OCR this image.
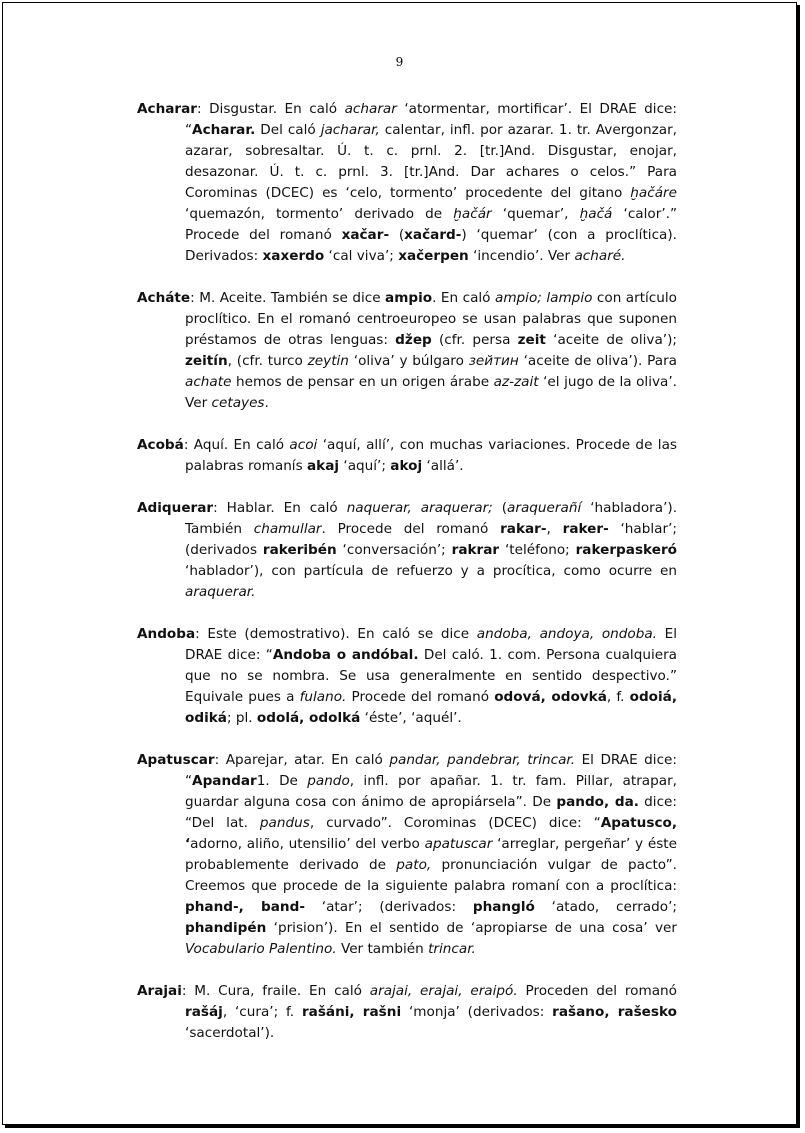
9

Acharar: Disgustar. En caló acharar ‘atormentar, mortificar’. El DRAE dice: “Acharar. Del caló jacharar, calentar, infl. por azarar. 1. tr. Avergonzar, azarar, sobresaltar. Ú. t. c. prnl. 2. [tr.]And. Disgustar, enojar, desazonar. Ú. t. c. prnl. 3. [tr.]And. Dar achares o celos.” Para Corominas (DCEC) es ‘celo, tormento’ procedente del gitano ḫačáre ‘quemazón, tormento’ derivado de ḫačár ‘quemar’, ḫačá ‘calor’.” Procede del romanó xačar- (xačard-) ‘quemar’ (con a proclítica). Derivados: xaxerdo ‘cal viva’; xačerpen ‘incendio’. Ver acharé.

Acháte: M. Aceite. También se dice ampio. En caló ampio; lampio con artículo proclítico. En el romanó centroeuropeo se usan palabras que suponen préstamos de otras lenguas: džep (cfr. persa zeit ‘aceite de oliva’); zeitín, (cfr. turco zeytin ‘oliva’ y búlgaro зейтин ‘aceite de oliva’). Para achate hemos de pensar en un origen árabe az-zait ‘el jugo de la oliva’. Ver cetayes.

Acobá: Aquí. En caló acoi ‘aquí, allí’, con muchas variaciones. Procede de las palabras romanís akaj ‘aquí’; akoj ‘allá’.

Adiquerar: Hablar. En caló naquerar, araquerar; (araquerañí ‘habladora’). También chamullar. Procede del romanó rakar-, raker- ‘hablar’; (derivados rakeribén ‘conversación’; rakrar ‘teléfono; rakerpaskeró ‘hablador’), con partícula de refuerzo y a procítica, como ocurre en araquerar.

Andoba: Este (demostrativo). En caló se dice andoba, andoya, ondoba. El DRAE dice: “Andoba o andóbal. Del caló. 1. com. Persona cualquiera que no se nombra. Se usa generalmente en sentido despectivo.” Equivale pues a fulano. Procede del romanó odová, odovká, f. odoiá, odiká; pl. odolá, odolká ‘éste’, ‘aquél’.

Apatuscar: Aparejar, atar. En caló pandar, pandebrar, trincar. El DRAE dice: “Apandar1. De pando, infl. por apañar. 1. tr. fam. Pillar, atrapar, guardar alguna cosa con ánimo de apropiársela”. De pando, da. dice: “Del lat. pandus, curvado”. Corominas (DCEC) dice: “Apatusco, ‘adorno, aliño, utensilio’ del verbo apatuscar ‘arreglar, pergeñar’ y éste probablemente derivado de pato, pronunciación vulgar de pacto”. Creemos que procede de la siguiente palabra romaní con a proclítica: phand-, band- ‘atar’; (derivados: phangló ‘atado, cerrado’; phandipén ‘prision’). En el sentido de ‘apropiarse de una cosa’ ver Vocabulario Palentino. Ver también trincar.

Arajai: M. Cura, fraile. En caló arajai, erajai, eraipó. Proceden del romanó rašáj, ‘cura’; f. rašáni, rašni ‘monja’ (derivados: rašano, rašesko ‘sacerdotal’).
